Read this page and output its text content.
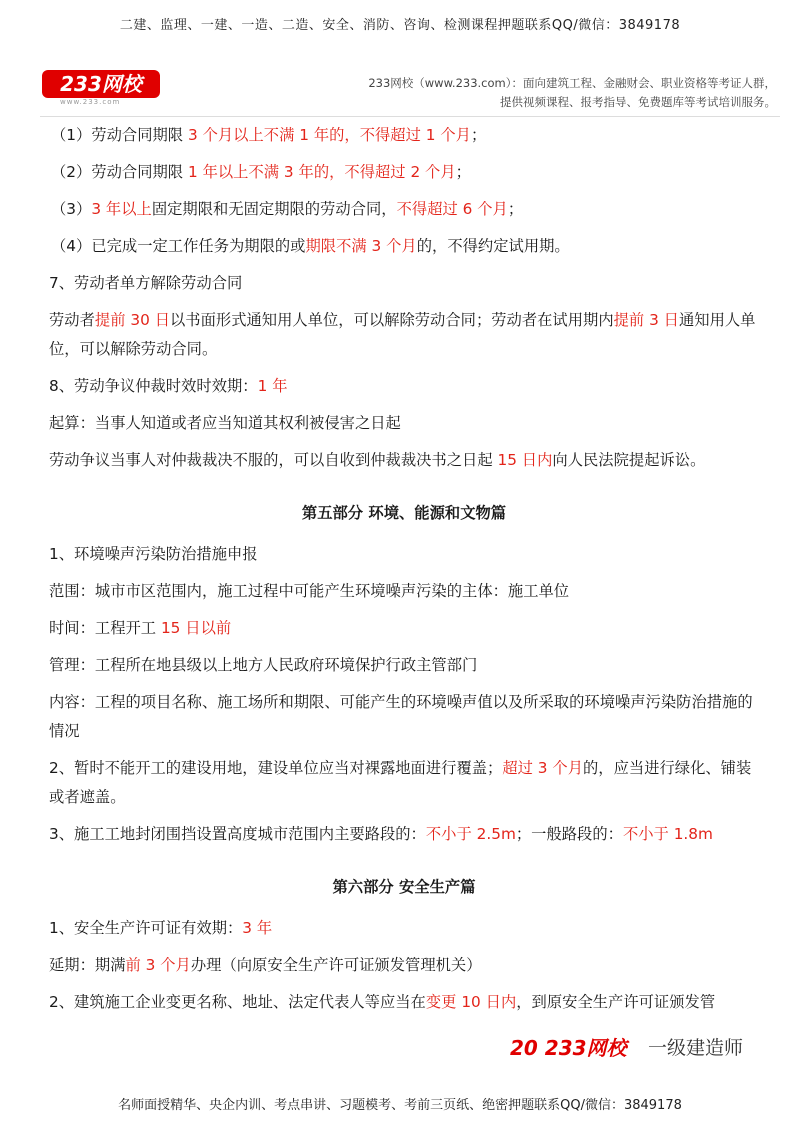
二建、监理、一建、一造、二造、安全、消防、咨询、检测课程押题联系QQ/微信：3849178
233网校
www.233.com
233网校（www.233.com）：面向建筑工程、金融财会、职业资格等考证人群，
提供视频课程、报考指导、免费题库等考试培训服务。

（1）劳动合同期限 3 个月以上不满 1 年的，不得超过 1 个月；

（2）劳动合同期限 1 年以上不满 3 年的，不得超过 2 个月；

（3）3 年以上固定期限和无固定期限的劳动合同，不得超过 6 个月；

（4）已完成一定工作任务为期限的或期限不满 3 个月的，不得约定试用期。

7、劳动者单方解除劳动合同

劳动者提前 30 日以书面形式通知用人单位，可以解除劳动合同；劳动者在试用期内提前 3 日通知用人单位，可以解除劳动合同。

8、劳动争议仲裁时效时效期：1 年

起算：当事人知道或者应当知道其权利被侵害之日起

劳动争议当事人对仲裁裁决不服的，可以自收到仲裁裁决书之日起 15 日内向人民法院提起诉讼。

第五部分 环境、能源和文物篇

1、环境噪声污染防治措施申报

范围：城市市区范围内，施工过程中可能产生环境噪声污染的主体：施工单位

时间：工程开工 15 日以前

管理：工程所在地县级以上地方人民政府环境保护行政主管部门

内容：工程的项目名称、施工场所和期限、可能产生的环境噪声值以及所采取的环境噪声污染防治措施的情况

2、暂时不能开工的建设用地，建设单位应当对裸露地面进行覆盖；超过 3 个月的，应当进行绿化、铺装或者遮盖。

3、施工工地封闭围挡设置高度城市范围内主要路段的：不小于 2.5m；一般路段的：不小于 1.8m

第六部分 安全生产篇

1、安全生产许可证有效期：3 年

延期：期满前 3 个月办理（向原安全生产许可证颁发管理机关）

2、建筑施工企业变更名称、地址、法定代表人等应当在变更 10 日内，到原安全生产许可证颁发管

20 233网校 一级建造师
名师面授精华、央企内训、考点串讲、习题模考、考前三页纸、绝密押题联系QQ/微信：3849178
